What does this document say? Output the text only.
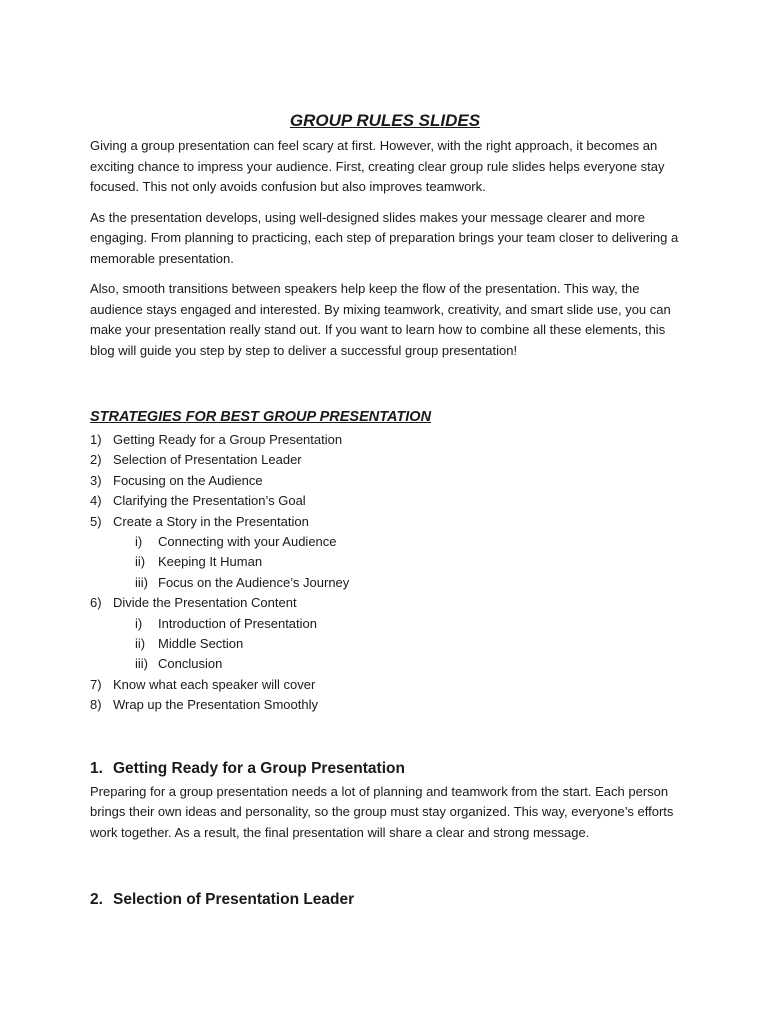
GROUP RULES SLIDES

Giving a group presentation can feel scary at first. However, with the right approach, it becomes an exciting chance to impress your audience. First, creating clear group rule slides helps everyone stay focused. This not only avoids confusion but also improves teamwork.

As the presentation develops, using well-designed slides makes your message clearer and more engaging. From planning to practicing, each step of preparation brings your team closer to delivering a memorable presentation.

Also, smooth transitions between speakers help keep the flow of the presentation. This way, the audience stays engaged and interested. By mixing teamwork, creativity, and smart slide use, you can make your presentation really stand out. If you want to learn how to combine all these elements, this blog will guide you step by step to deliver a successful group presentation!

STRATEGIES FOR BEST GROUP PRESENTATION
1) Getting Ready for a Group Presentation
2) Selection of Presentation Leader
3) Focusing on the Audience
4) Clarifying the Presentation’s Goal
5) Create a Story in the Presentation
i)	Connecting with your Audience
ii) Keeping It Human
iii) Focus on the Audience’s Journey
6) Divide the Presentation Content
i)	Introduction of Presentation
ii) Middle Section
iii) Conclusion
7) Know what each speaker will cover
8) Wrap up the Presentation Smoothly
1. Getting Ready for a Group Presentation

Preparing for a group presentation needs a lot of planning and teamwork from the start. Each person brings their own ideas and personality, so the group must stay organized. This way, everyone’s efforts work together. As a result, the final presentation will share a clear and strong message.

2. Selection of Presentation Leader
